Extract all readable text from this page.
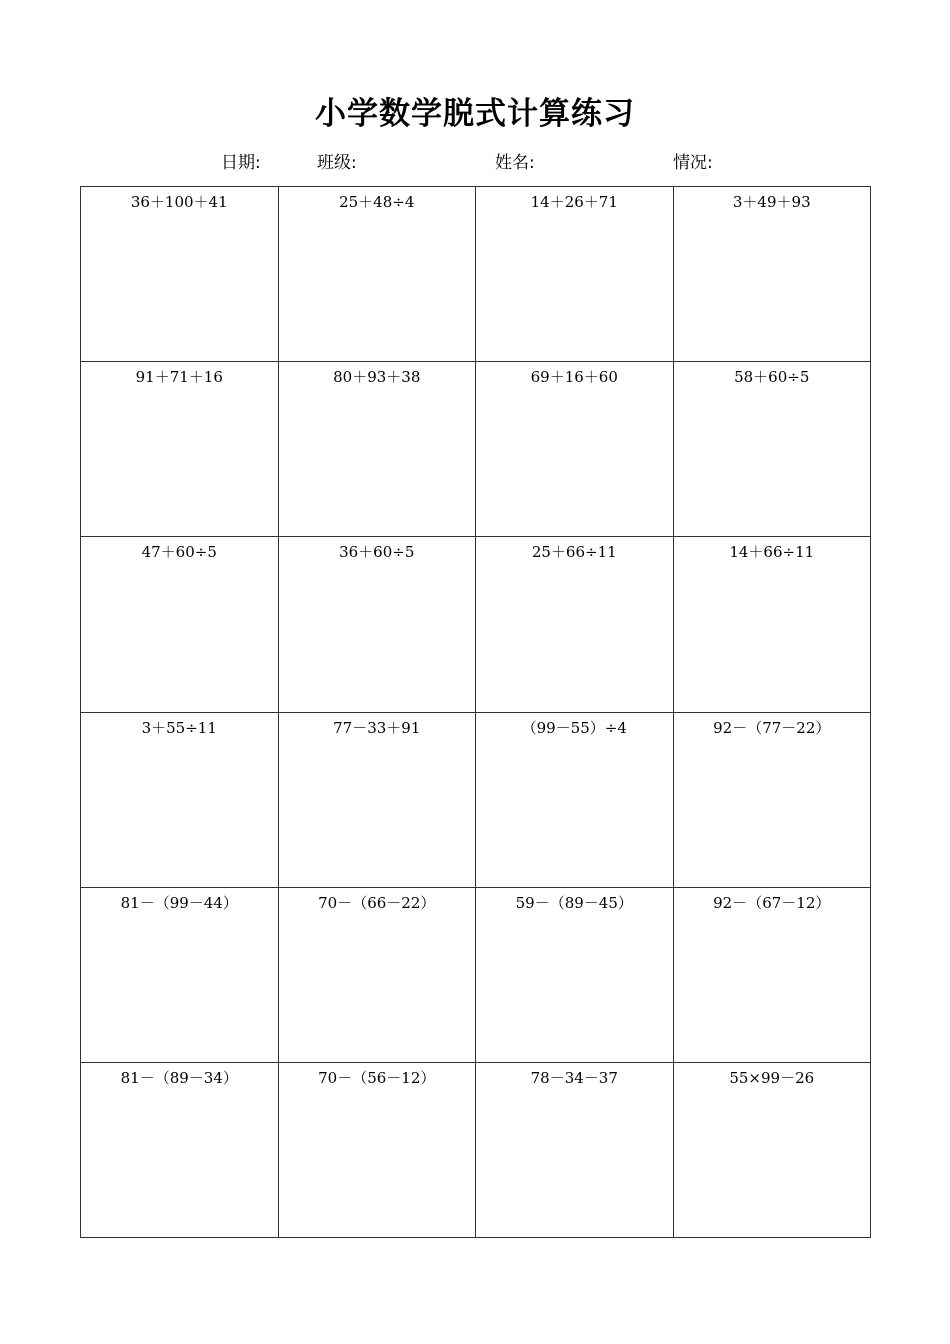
小学数学脱式计算练习
日期:	班级:	姓名:	情况:
36＋100＋41	25＋48÷4	14＋26＋71	3＋49＋93
91＋71＋16	80＋93＋38	69＋16＋60	58＋60÷5
47＋60÷5	36＋60÷5	25＋66÷11	14＋66÷11
3＋55÷11	77－33＋91	（99－55）÷4	92－（77－22）
81－（99－44）	70－（66－22）	59－（89－45）	92－（67－12）
81－（89－34）	70－（56－12）	78－34－37	55×99－26
